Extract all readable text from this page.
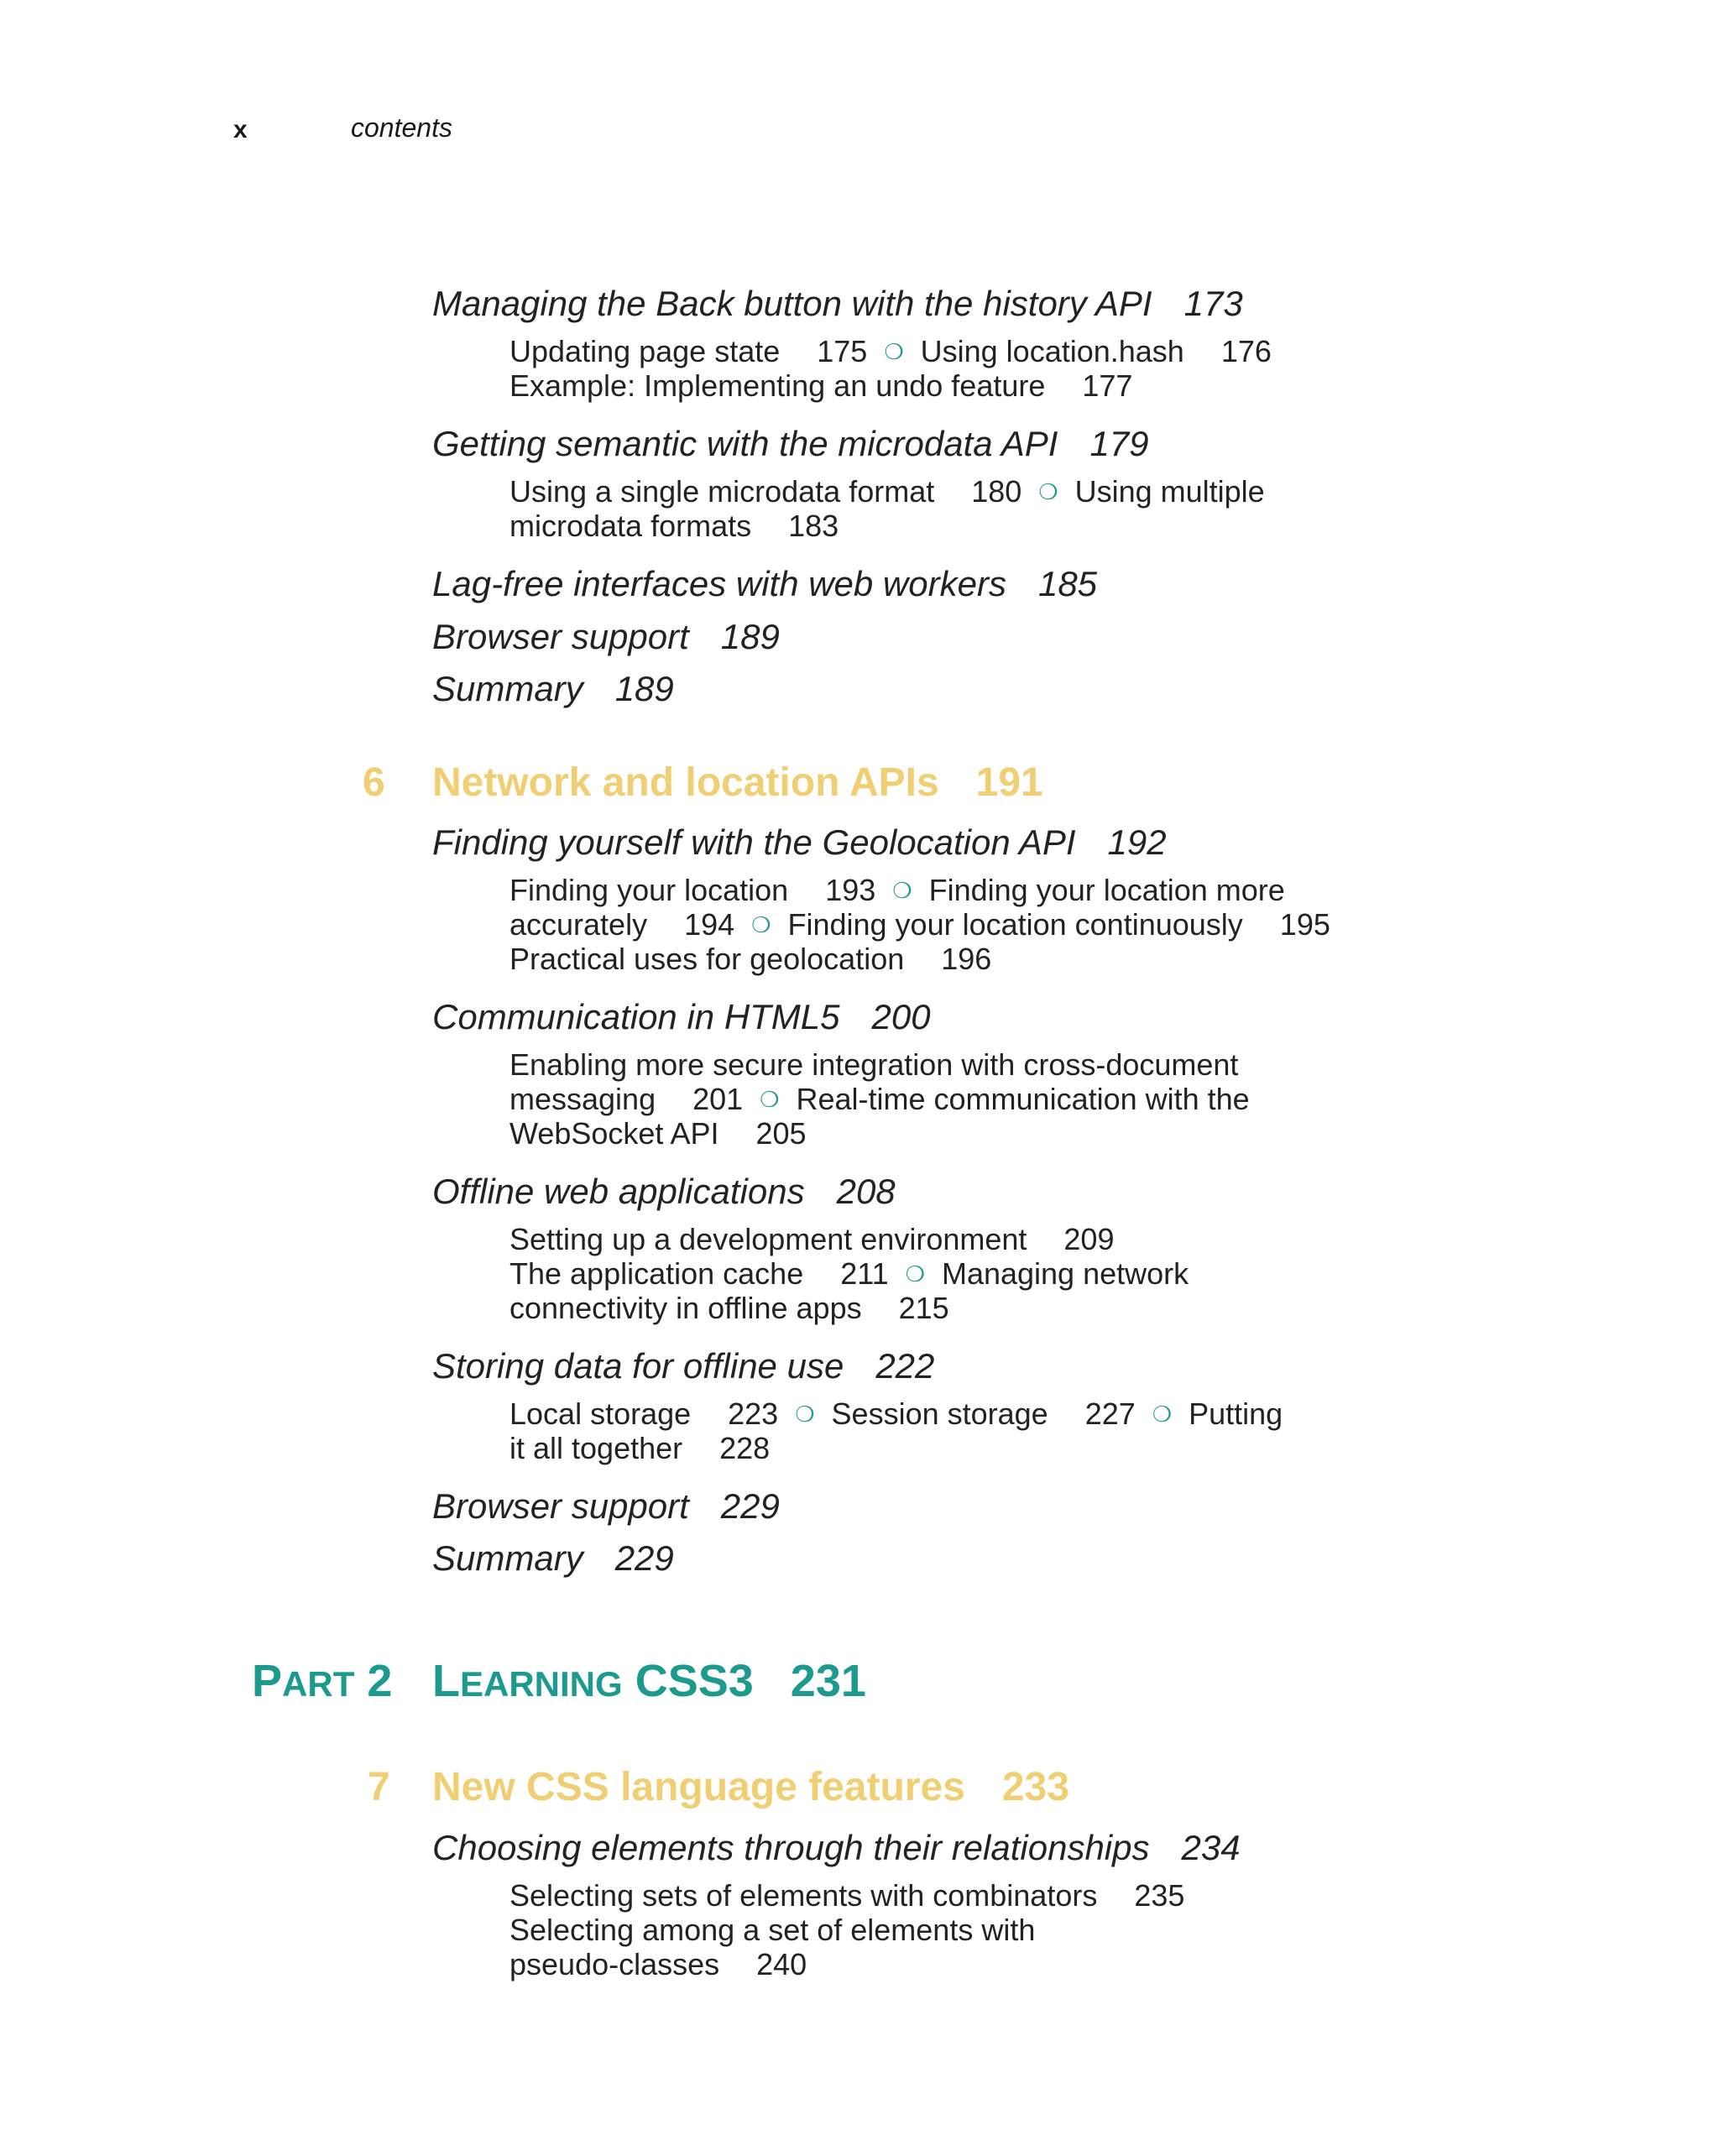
x	contents
Managing the Back button with the history API 173
Updating page state 175 ❍ Using location.hash 176
Example: Implementing an undo feature 177
Getting semantic with the microdata API 179
Using a single microdata format 180 ❍ Using multiple
microdata formats 183
Lag-free interfaces with web workers 185
Browser support 189
Summary 189
6 Network and location APIs 191
Finding yourself with the Geolocation API 192
Finding your location 193 ❍ Finding your location more
accurately 194 ❍ Finding your location continuously 195
Practical uses for geolocation 196
Communication in HTML5 200
Enabling more secure integration with cross-document
messaging 201 ❍ Real-time communication with the
WebSocket API 205
Offline web applications 208
Setting up a development environment 209
The application cache 211 ❍ Managing network
connectivity in offline apps 215
Storing data for offline use 222
Local storage 223 ❍ Session storage 227 ❍ Putting
it all together 228
Browser support 229
Summary 229
PART 2 LEARNING CSS3 231
7 New CSS language features 233
Choosing elements through their relationships 234
Selecting sets of elements with combinators 235
Selecting among a set of elements with
pseudo-classes 240
